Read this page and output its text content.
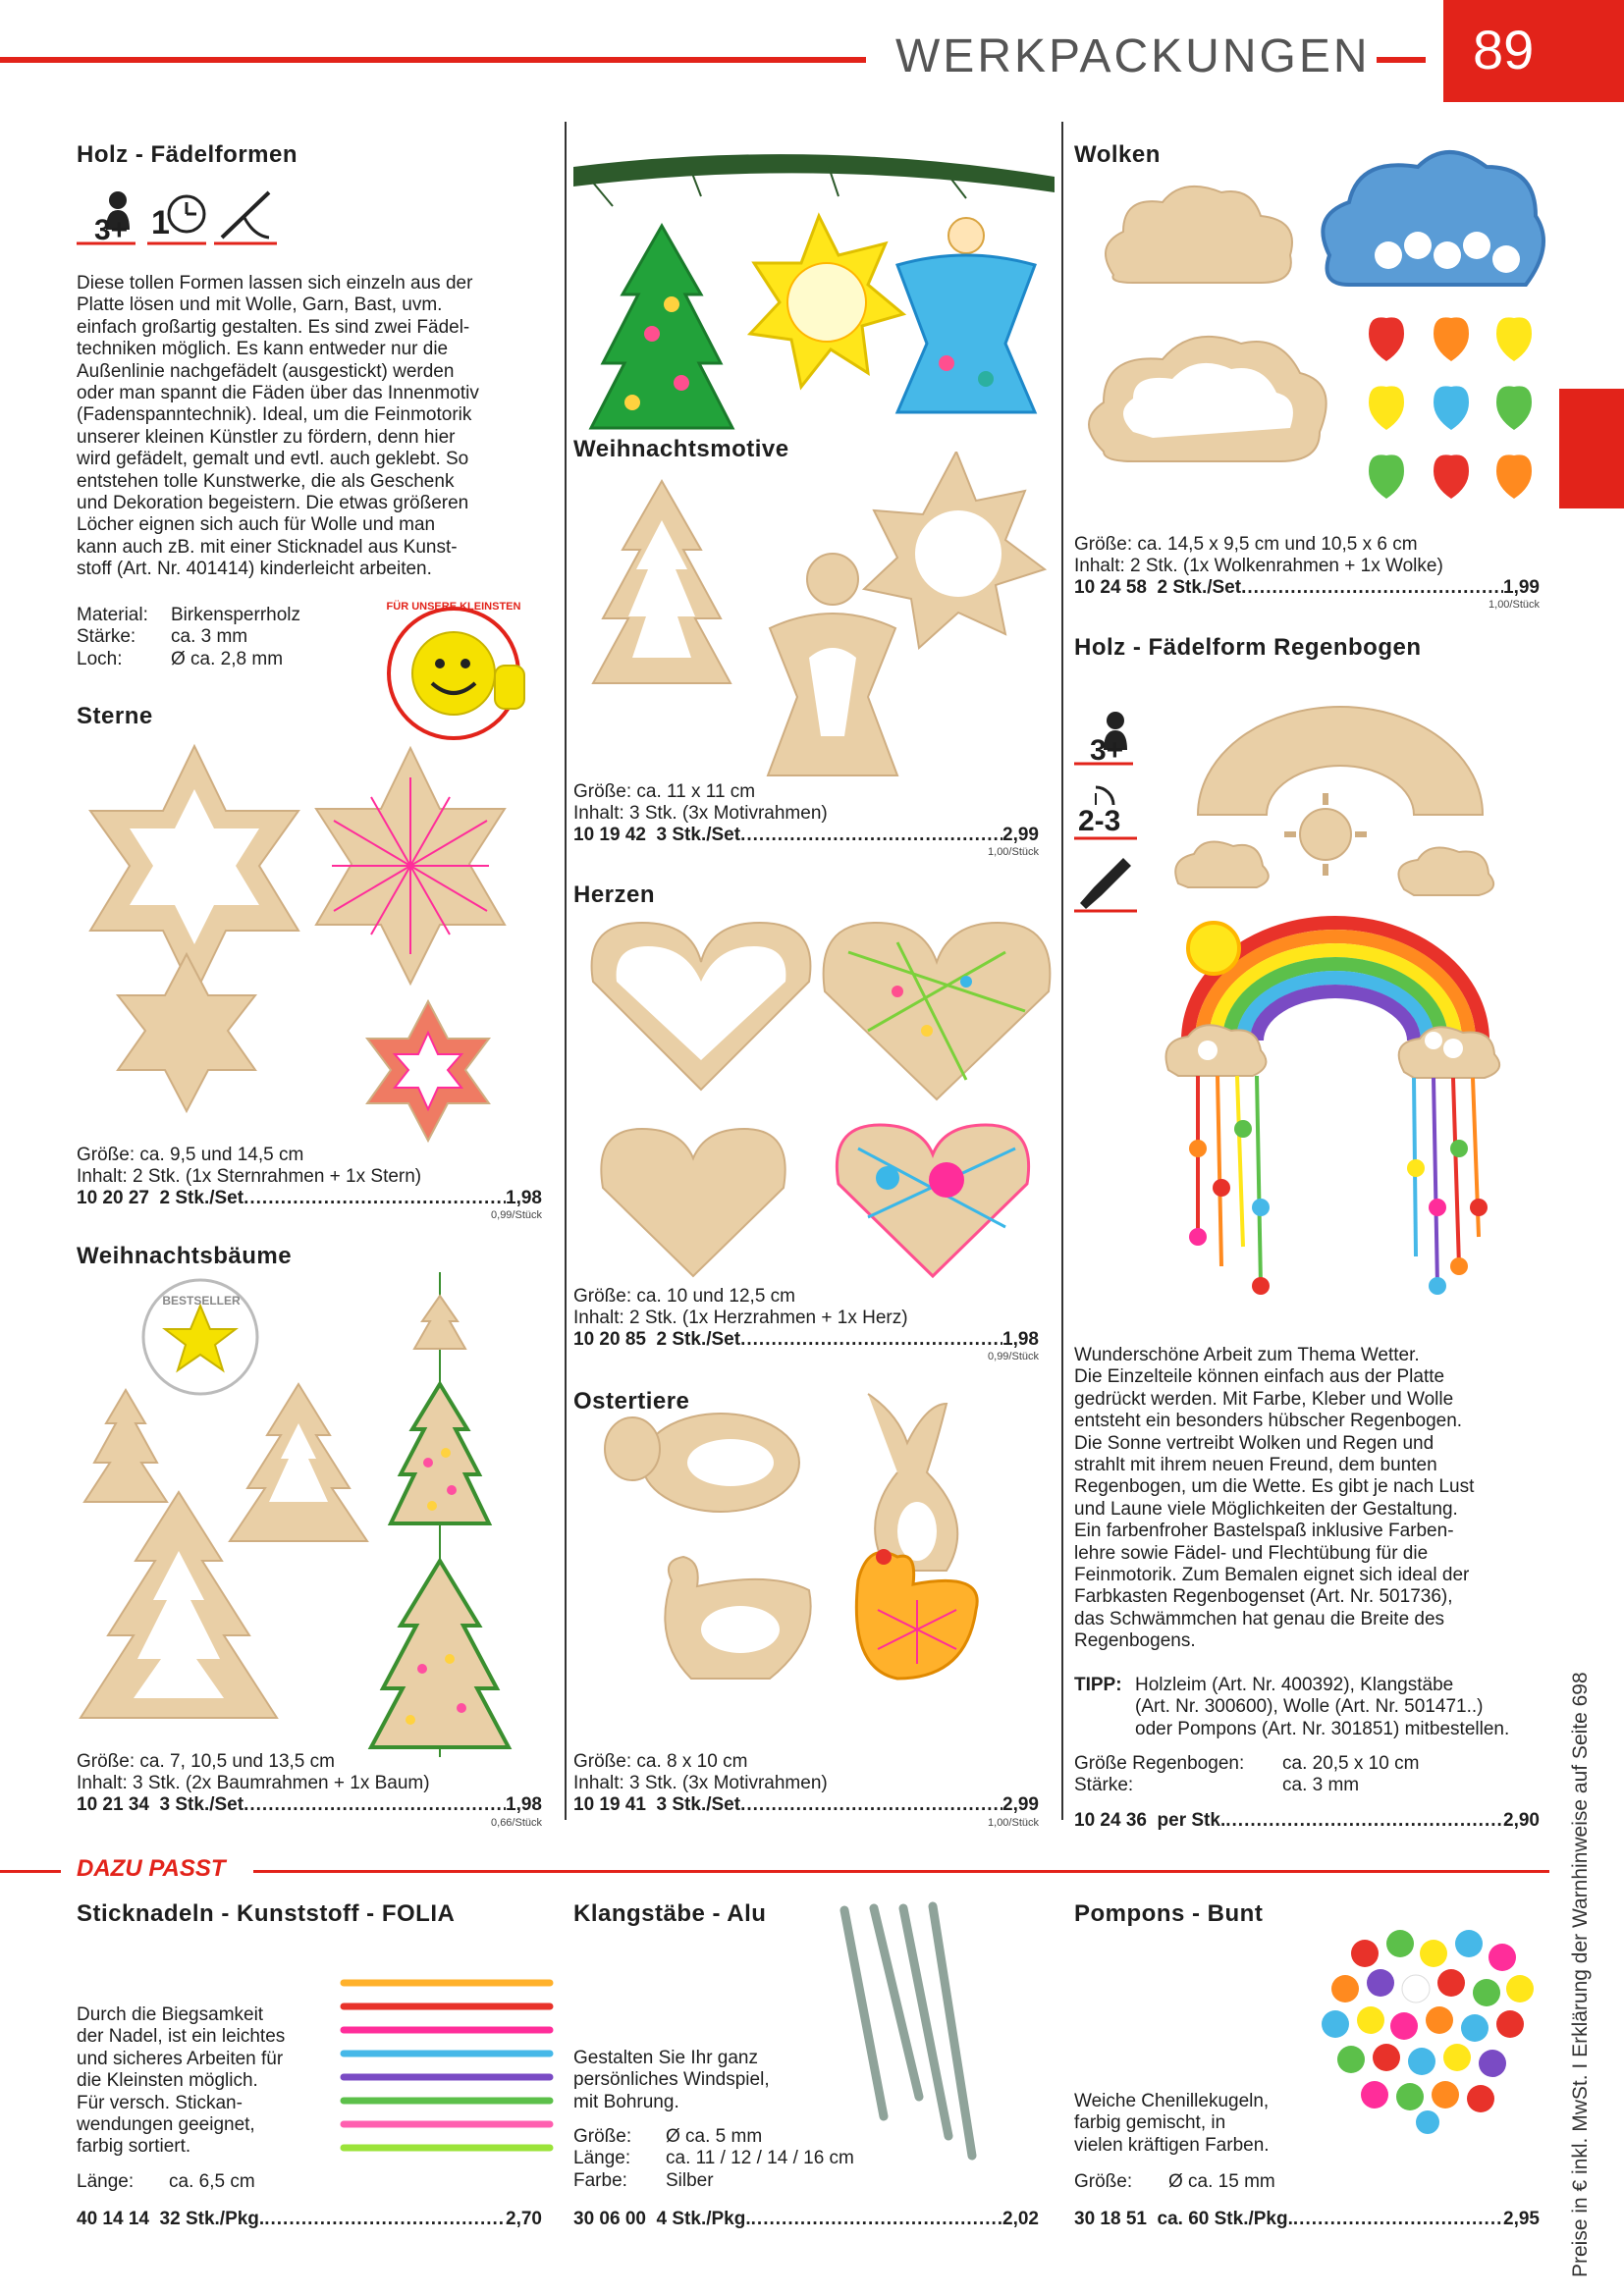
WERKPACKUNGEN 89
Preise in € inkl. MwSt. I Erklärung der Warnhinweise auf Seite 698
Holz - Fädelformen
3+ 1
Diese tollen Formen lassen sich einzeln aus der
Platte lösen und mit Wolle, Garn, Bast, uvm.
einfach großartig gestalten. Es sind zwei Fädel-
techniken möglich. Es kann entweder nur die
Außenlinie nachgefädelt (ausgestickt) werden
oder man spannt die Fäden über das Innenmotiv
(Fadenspanntechnik). Ideal, um die Feinmotorik
unserer kleinen Künstler zu fördern, denn hier
wird gefädelt, gemalt und evtl. auch geklebt. So
entstehen tolle Kunstwerke, die als Geschenk
und Dekoration begeistern. Die etwas größeren
Löcher eignen sich auch für Wolle und man
kann auch zB. mit einer Sticknadel aus Kunst-
stoff (Art. Nr. 401414) kinderleicht arbeiten.
Material:	Birkensperrholz
Stärke:	ca. 3 mm
Loch:	Ø ca. 2,8 mm
FÜR UNSERE KLEINSTEN
Sterne
Größe: ca. 9,5 und 14,5 cm
Inhalt: 2 Stk. (1x Sternrahmen + 1x Stern)
10 20 27
2 Stk./Set .....	1,98
0,99/Stück
Weihnachtsbäume
Größe: ca. 7, 10,5 und 13,5 cm
Inhalt: 3 Stk. (2x Baumrahmen + 1x Baum)
10 21 34
3 Stk./Set .....	1,98
0,66/Stück
Weihnachtsmotive
Größe: ca. 11 x 11 cm
Inhalt: 3 Stk. (3x Motivrahmen)
10 19 42
3 Stk./Set .....	2,99
1,00/Stück
Herzen
Größe: ca. 10 und 12,5 cm
Inhalt: 2 Stk. (1x Herzrahmen + 1x Herz)
10 20 85
2 Stk./Set .....	1,98
0,99/Stück
Ostertiere
Größe: ca. 8 x 10 cm
Inhalt: 3 Stk. (3x Motivrahmen)
10 19 41
3 Stk./Set .....	2,99
1,00/Stück
Wolken
Größe: ca. 14,5 x 9,5 cm und 10,5 x 6 cm
Inhalt: 2 Stk. (1x Wolkenrahmen + 1x Wolke)
10 24 58
2 Stk./Set .....	1,99
1,00/Stück
Holz - Fädelform Regenbogen
3+
2-3
Wunderschöne Arbeit zum Thema Wetter.
Die Einzelteile können einfach aus der Platte
gedrückt werden. Mit Farbe, Kleber und Wolle
entsteht ein besonders hübscher Regenbogen.
Die Sonne vertreibt Wolken und Regen und
strahlt mit ihrem neuen Freund, dem bunten
Regenbogen, um die Wette. Es gibt je nach Lust
und Laune viele Möglichkeiten der Gestaltung.
Ein farbenfroher Bastelspaß inklusive Farben-
lehre sowie Fädel- und Flechtübung für die
Feinmotorik. Zum Bemalen eignet sich ideal der
Farbkasten Regenbogenset (Art. Nr. 501736),
das Schwämmchen hat genau die Breite des
Regenbogens.
TIPP: Holzleim (Art. Nr. 400392), Klangstäbe
(Art. Nr. 300600), Wolle (Art. Nr. 501471..)
oder Pompons (Art. Nr. 301851) mitbestellen.
Größe Regenbogen:	ca. 20,5 x 10 cm
Stärke:	ca. 3 mm
10 24 36
per Stk. .....	2,90
DAZU PASST
Sticknadeln - Kunststoff - FOLIA
Durch die Biegsamkeit
der Nadel, ist ein leichtes
und sicheres Arbeiten für
die Kleinsten möglich.
Für versch. Stickan-
wendungen geeignet,
farbig sortiert.
Länge:	ca. 6,5 cm
40 14 14
32 Stk./Pkg. .....	2,70
Klangstäbe - Alu
Gestalten Sie Ihr ganz
persönliches Windspiel,
mit Bohrung.
Größe:	Ø ca. 5 mm
Länge:	ca. 11 / 12 / 14 / 16 cm
Farbe:	Silber
30 06 00
4 Stk./Pkg. .....	2,02
Pompons - Bunt
Weiche Chenillekugeln,
farbig gemischt, in
vielen kräftigen Farben.
Größe:	Ø ca. 15 mm
30 18 51
ca. 60 Stk./Pkg. .....	2,95
BESTSELLER
